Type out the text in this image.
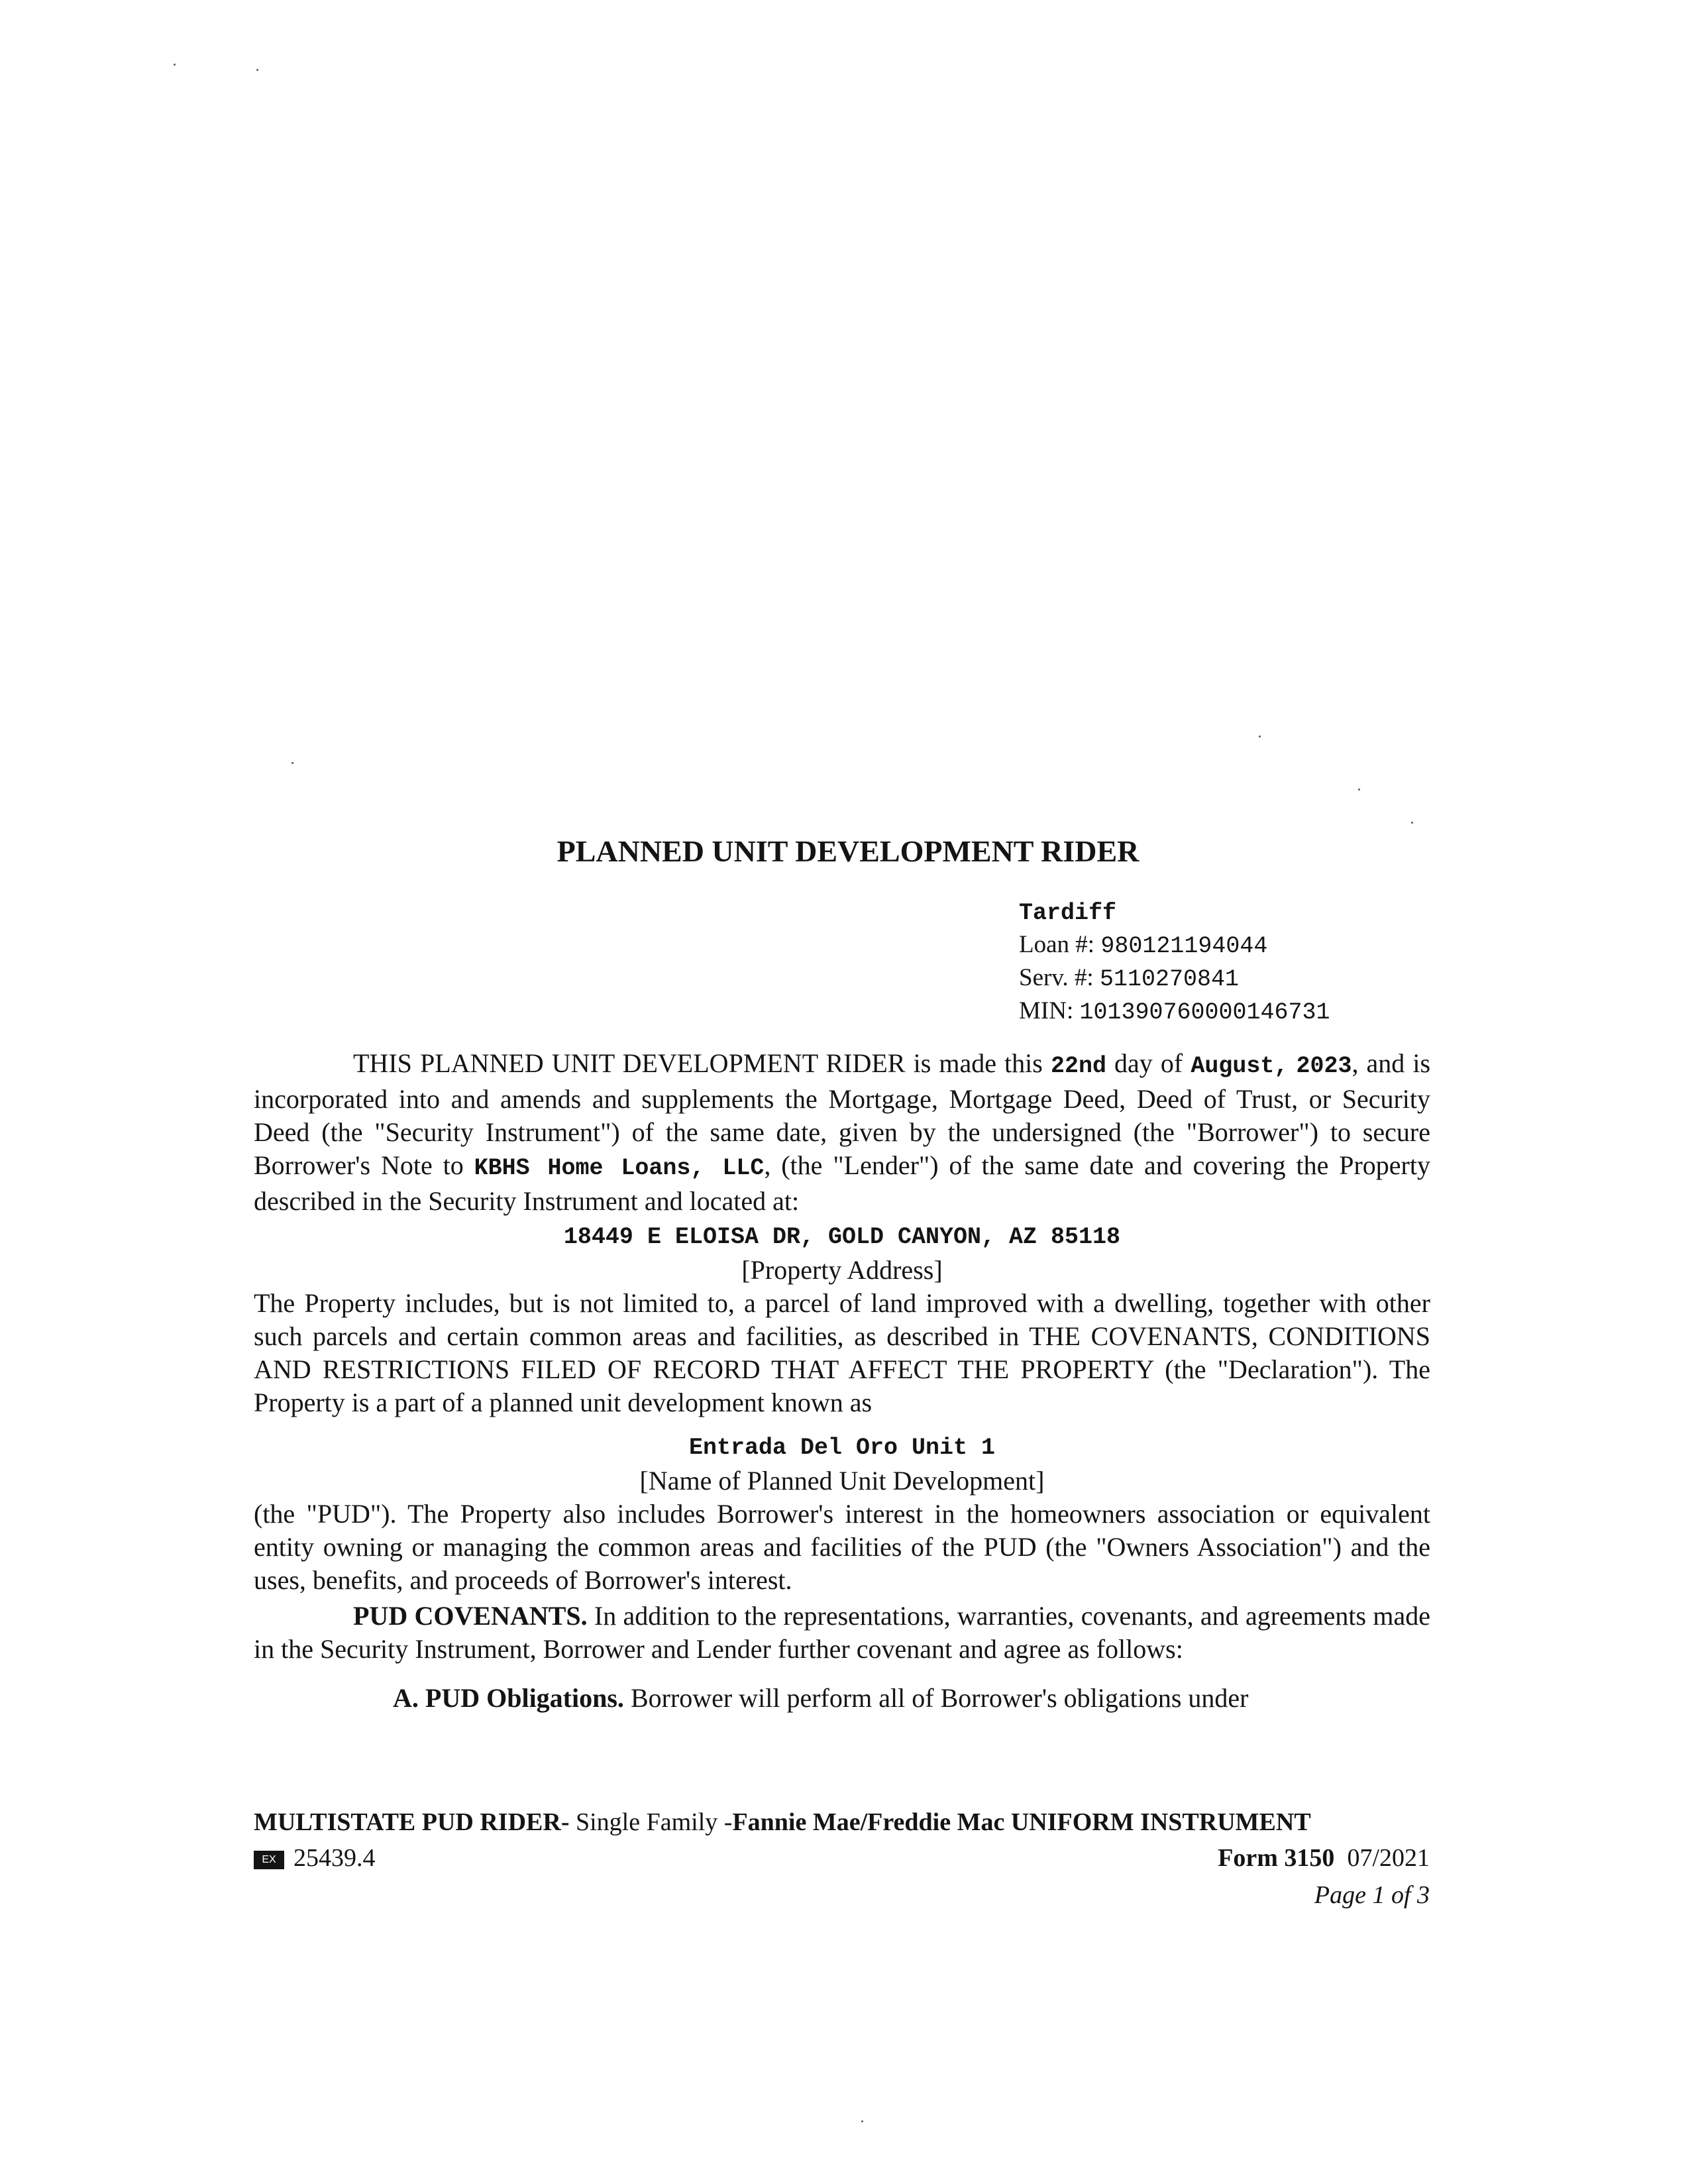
PLANNED UNIT DEVELOPMENT RIDER
Tardiff
Loan #: 980121194044
Serv. #: 5110270841
MIN: 101390760000146731

THIS PLANNED UNIT DEVELOPMENT RIDER is made this 22nd day of August, 2023, and is incorporated into and amends and supplements the Mortgage, Mortgage Deed, Deed of Trust, or Security Deed (the "Security Instrument") of the same date, given by the undersigned (the "Borrower") to secure Borrower's Note to KBHS Home Loans, LLC, (the "Lender") of the same date and covering the Property described in the Security Instrument and located at:

18449 E ELOISA DR, GOLD CANYON, AZ 85118

[Property Address]

The Property includes, but is not limited to, a parcel of land improved with a dwelling, together with other such parcels and certain common areas and facilities, as described in THE COVENANTS, CONDITIONS AND RESTRICTIONS FILED OF RECORD THAT AFFECT THE PROPERTY (the "Declaration"). The Property is a part of a planned unit development known as

Entrada Del Oro Unit 1

[Name of Planned Unit Development]

(the "PUD"). The Property also includes Borrower's interest in the homeowners association or equivalent entity owning or managing the common areas and facilities of the PUD (the "Owners Association") and the uses, benefits, and proceeds of Borrower's interest.

PUD COVENANTS. In addition to the representations, warranties, covenants, and agreements made in the Security Instrument, Borrower and Lender further covenant and agree as follows:

A. PUD Obligations. Borrower will perform all of Borrower's obligations under

MULTISTATE PUD RIDER- Single Family -Fannie Mae/Freddie Mac UNIFORM INSTRUMENT
EX 25439.4	Form 3150 07/2021
Page 1 of 3
